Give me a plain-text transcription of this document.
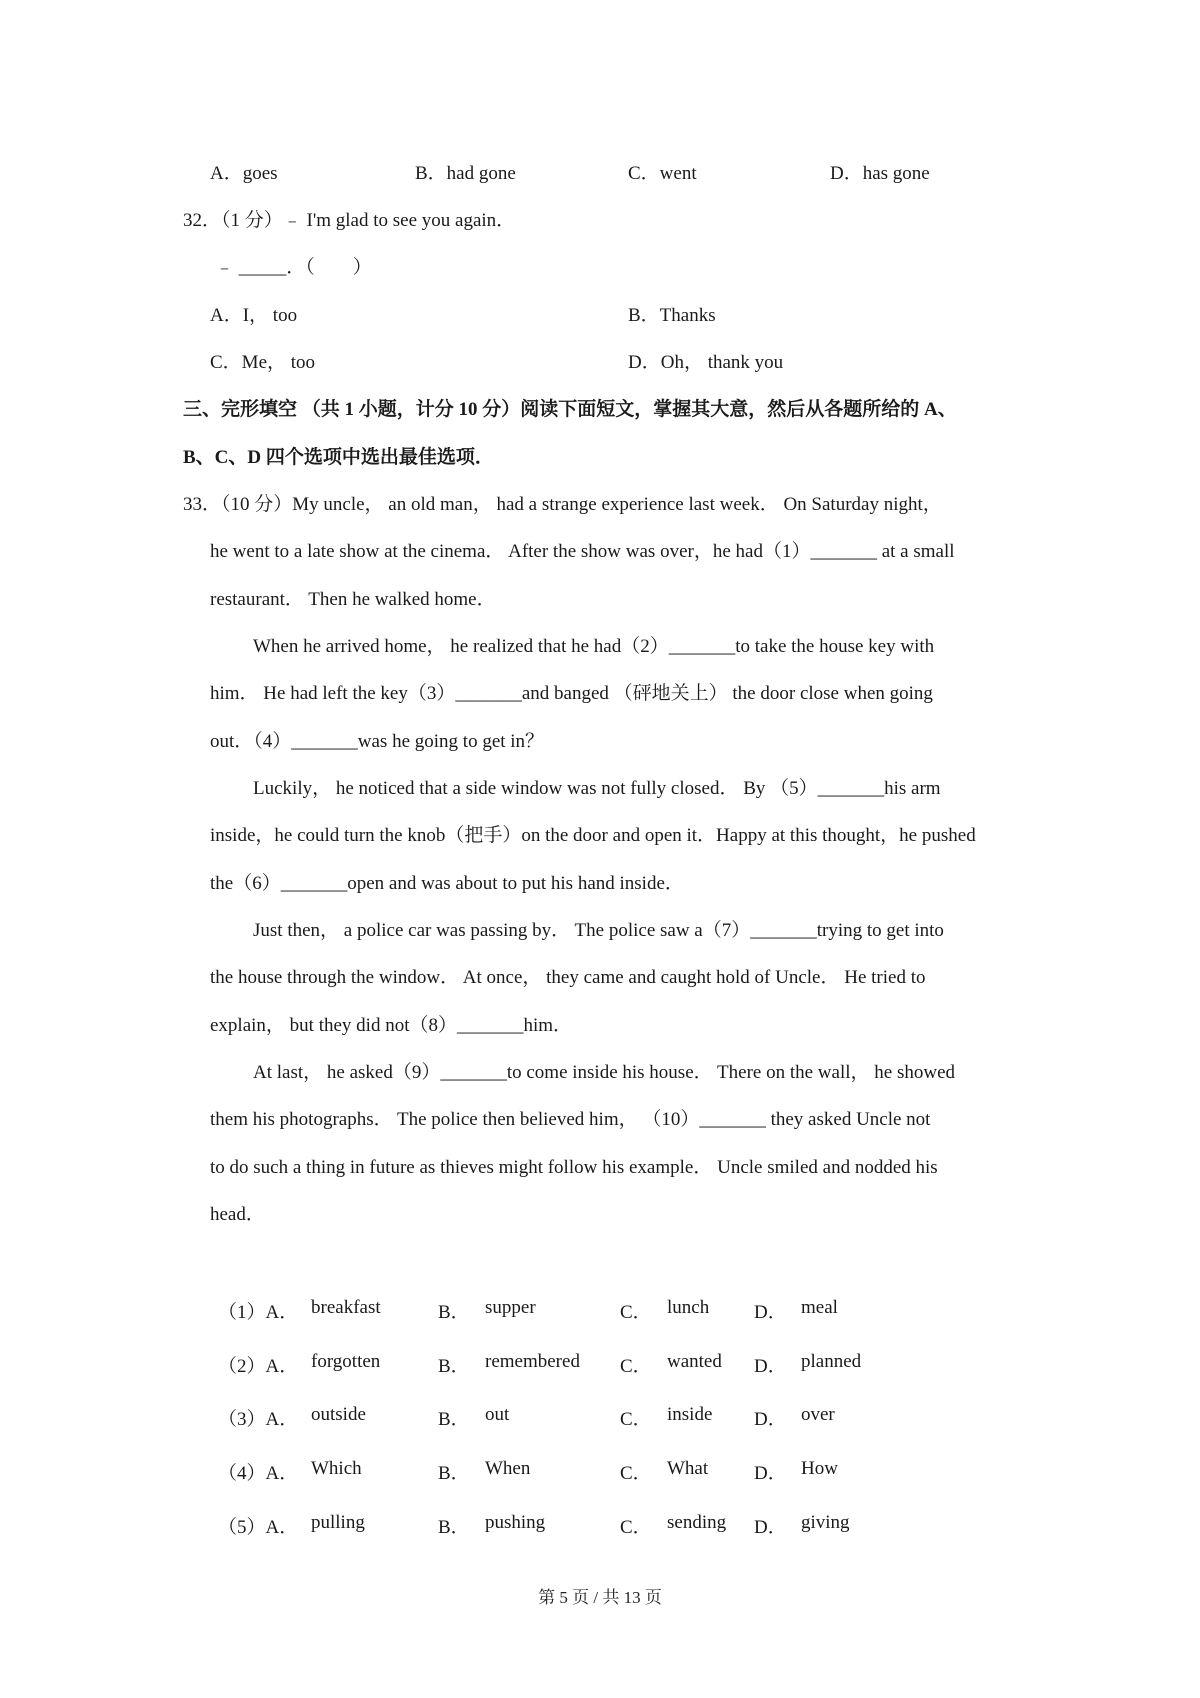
A．goes	B．had gone	C．went	D．has gone
32．（1 分）﹣ I'm glad to see you again．
﹣ _____．（　　）
A．I， too	B．Thanks
C．Me， too	D．Oh， thank you
三、完形填空 （共 1 小题，计分 10 分）阅读下面短文，掌握其大意，然后从各题所给的 A、
B、C、D 四个选项中选出最佳选项．
33．（10 分）My uncle， an old man， had a strange experience last week． On Saturday night，
he went to a late show at the cinema． After the show was over，he had（1）_______ at a small
restaurant． Then he walked home．
When he arrived home， he realized that he had（2）_______to take the house key with
him． He had left the key（3）_______and banged （砰地关上） the door close when going
out．（4）_______was he going to get in？
Luckily， he noticed that a side window was not fully closed． By （5）_______his arm
inside，he could turn the knob（把手）on the door and open it．Happy at this thought，he pushed
the（6）_______open and was about to put his hand inside．
Just then， a police car was passing by． The police saw a（7）_______trying to get into
the house through the window． At once， they came and caught hold of Uncle． He tried to
explain， but they did not（8）_______him．
At last， he asked（9）_______to come inside his house． There on the wall， he showed
them his photographs． The police then believed him， （10）_______ they asked Uncle not
to do such a thing in future as thieves might follow his example． Uncle smiled and nodded his
head．
（1）A． breakfast	B． supper	C． lunch D． meal
（2）A． forgotten	B． remembered C． wanted D． planned
（3）A． outside	B． out	C． inside D． over
（4）A． Which	B． When	C． What D． How
（5）A． pulling	B． pushing	C． sending D． giving
第 5 页 / 共 13 页
